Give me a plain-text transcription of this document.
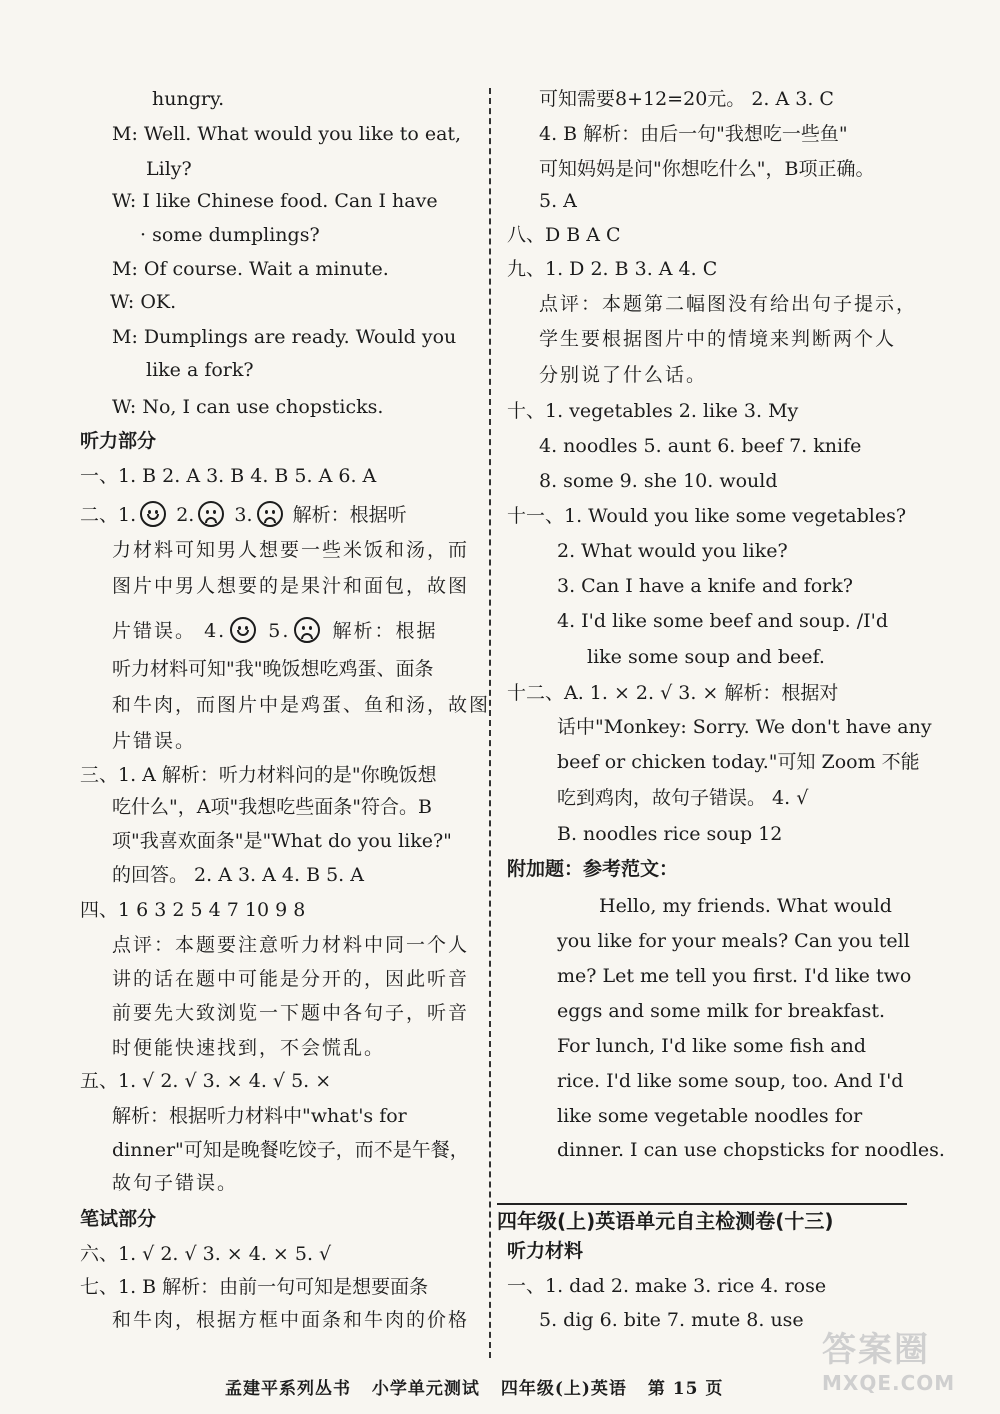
hungry.
M: Well. What would you like to eat,
Lily?
W: I like Chinese food. Can I have
· some dumplings?
M: Of course. Wait a minute.
W: OK.
M: Dumplings are ready. Would you
like a fork?
W: No, I can use chopsticks.
听力部分
一、1. B 2. A 3. B 4. B 5. A 6. A
力材料可知男人想要一些米饭和汤，而
图片中男人想要的是果汁和面包，故图
和牛肉，而图片中是鸡蛋、鱼和汤，故图
片错误。
三、1. A 解析：听力材料问的是"你晚饭想
吃什么"，A项"我想吃些面条"符合。B
项"我喜欢面条"是"What do you like?"
的回答。 2. A 3. A 4. B 5. A
四、1 6 3 2 5 4 7 10 9 8
点评：本题要注意听力材料中同一个人
讲的话在题中可能是分开的，因此听音
前要先大致浏览一下题中各句子，听音
时便能快速找到，不会慌乱。
五、1. √ 2. √ 3. × 4. √ 5. ×
解析：根据听力材料中"what's for
dinner"可知是晚餐吃饺子，而不是午餐，
故句子错误。
笔试部分
六、1. √ 2. √ 3. × 4. × 5. √
七、1. B 解析：由前一句可知是想要面条
和牛肉，根据方框中面条和牛肉的价格
二、1. 2. 3. 解析：根据听
片错误。 4. 5. 解析：根据
听力材料可知"我"晚饭想吃鸡蛋、面条
可知需要8+12=20元。 2. A 3. C
4. B 解析：由后一句"我想吃一些鱼"
可知妈妈是问"你想吃什么"，B项正确。
5. A
八、D B A C
九、1. D 2. B 3. A 4. C
点评：本题第二幅图没有给出句子提示，
学生要根据图片中的情境来判断两个人
分别说了什么话。
十、1. vegetables 2. like 3. My
4. noodles 5. aunt 6. beef 7. knife
8. some 9. she 10. would
十一、1. Would you like some vegetables?
2. What would you like?
3. Can I have a knife and fork?
4. I'd like some beef and soup. /I'd
like some soup and beef.
十二、A. 1. × 2. √ 3. × 解析：根据对
话中"Monkey: Sorry. We don't have any
beef or chicken today."可知 Zoom 不能
吃到鸡肉，故句子错误。 4. √
B. noodles rice soup 12
附加题：参考范文：
Hello, my friends. What would
you like for your meals? Can you tell
me? Let me tell you first. I'd like two
eggs and some milk for breakfast.
For lunch, I'd like some fish and
rice. I'd like some soup, too. And I'd
like some vegetable noodles for
dinner. I can use chopsticks for noodles.
听力材料
一、1. dad 2. make 3. rice 4. rose
5. dig 6. bite 7. mute 8. use
四年级(上)英语单元自主检测卷(十三)
孟建平系列丛书 小学单元测试 四年级(上)英语 第 15 页
答案圈
MXQE.COM
